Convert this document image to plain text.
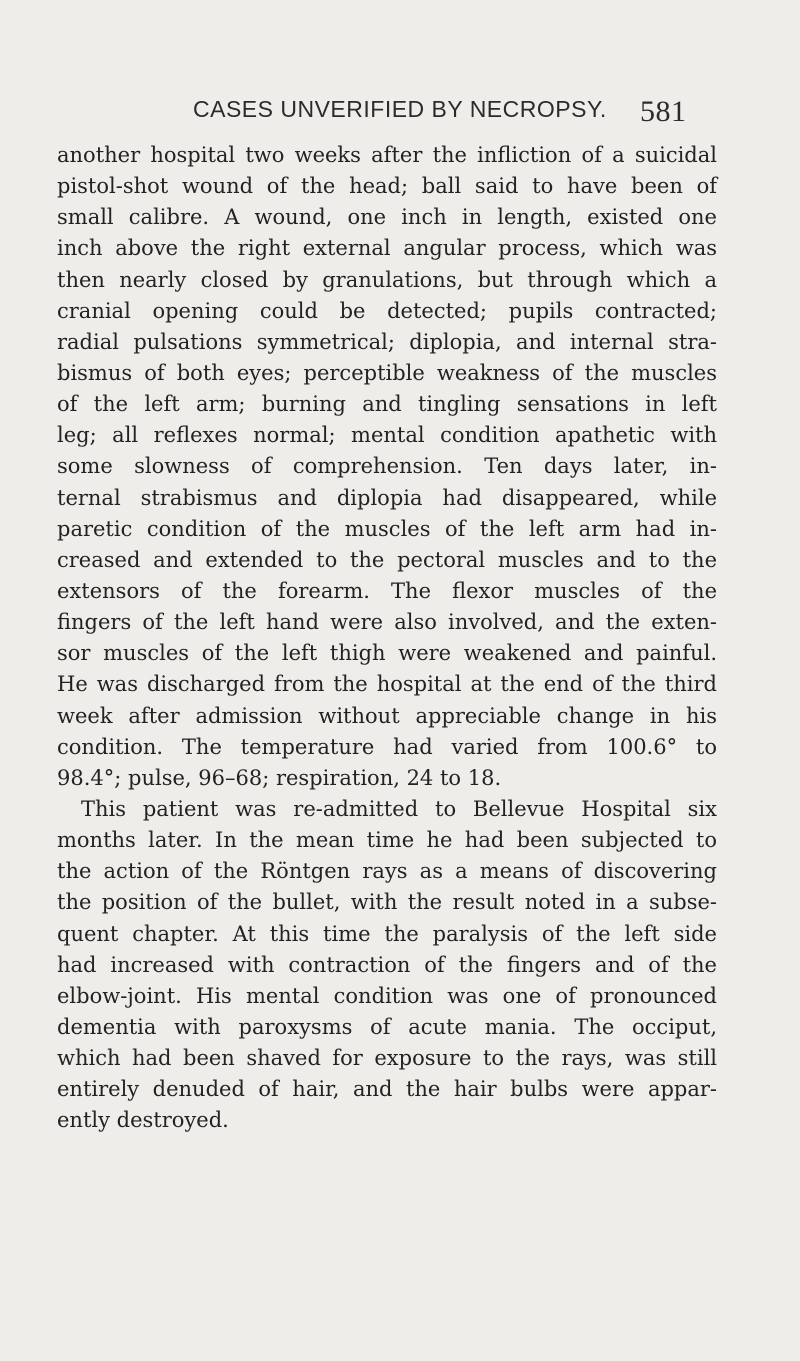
CASES UNVERIFIED BY NECROPSY. 581
another hospital two weeks after the infliction of a suicidal
pistol-shot wound of the head; ball said to have been of
small calibre. A wound, one inch in length, existed one
inch above the right external angular process, which was
then nearly closed by granulations, but through which a
cranial opening could be detected; pupils contracted;
radial pulsations symmetrical; diplopia, and internal stra-
bismus of both eyes; perceptible weakness of the muscles
of the left arm; burning and tingling sensations in left
leg; all reflexes normal; mental condition apathetic with
some slowness of comprehension. Ten days later, in-
ternal strabismus and diplopia had disappeared, while
paretic condition of the muscles of the left arm had in-
creased and extended to the pectoral muscles and to the
extensors of the forearm. The flexor muscles of the
fingers of the left hand were also involved, and the exten-
sor muscles of the left thigh were weakened and painful.
He was discharged from the hospital at the end of the third
week after admission without appreciable change in his
condition. The temperature had varied from 100.6° to
98.4°; pulse, 96–68; respiration, 24 to 18.
This patient was re-admitted to Bellevue Hospital six
months later. In the mean time he had been subjected to
the action of the Röntgen rays as a means of discovering
the position of the bullet, with the result noted in a subse-
quent chapter. At this time the paralysis of the left side
had increased with contraction of the fingers and of the
elbow-joint. His mental condition was one of pronounced
dementia with paroxysms of acute mania. The occiput,
which had been shaved for exposure to the rays, was still
entirely denuded of hair, and the hair bulbs were appar-
ently destroyed.
